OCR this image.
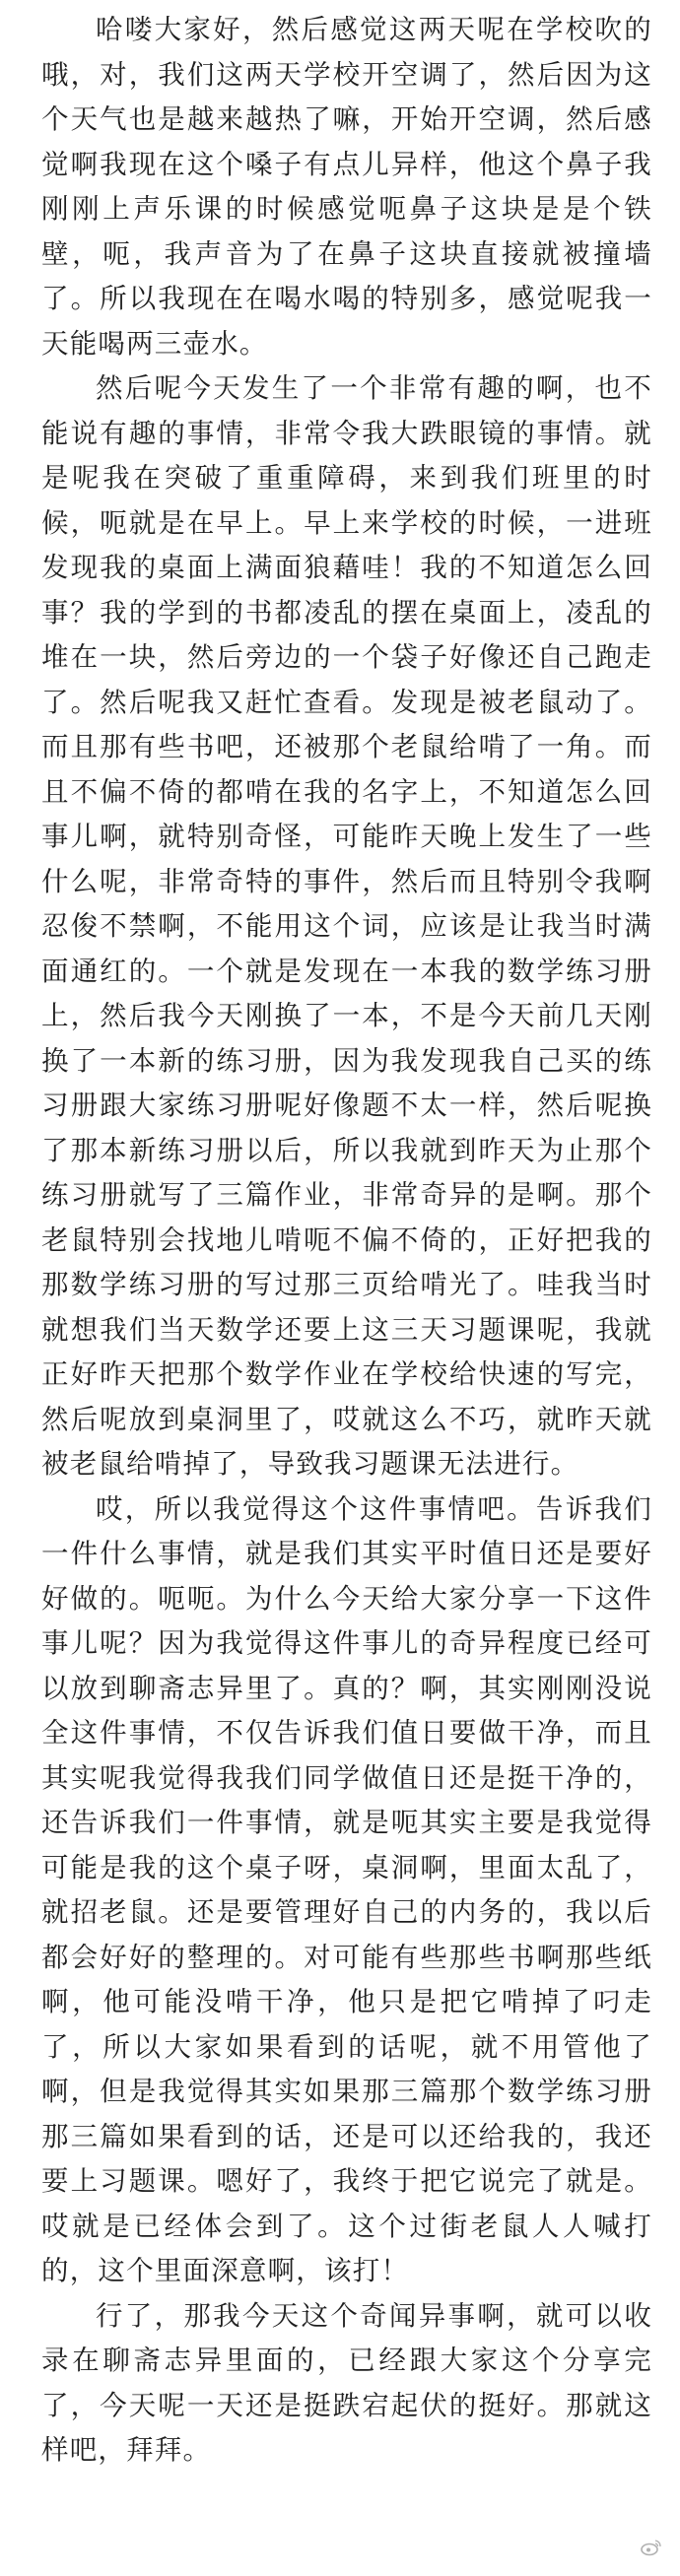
哈喽大家好，然后感觉这两天呢在学校吹的哦，对，我们这两天学校开空调了，然后因为这个天气也是越来越热了嘛，开始开空调，然后感觉啊我现在这个嗓子有点儿异样，他这个鼻子我刚刚上声乐课的时候感觉呃鼻子这块是是个铁壁，呃，我声音为了在鼻子这块直接就被撞墙了。所以我现在在喝水喝的特别多，感觉呢我一天能喝两三壶水。

然后呢今天发生了一个非常有趣的啊，也不能说有趣的事情，非常令我大跌眼镜的事情。就是呢我在突破了重重障碍，来到我们班里的时候，呃就是在早上。早上来学校的时候，一进班发现我的桌面上满面狼藉哇！我的不知道怎么回事？我的学到的书都凌乱的摆在桌面上，凌乱的堆在一块，然后旁边的一个袋子好像还自己跑走了。然后呢我又赶忙查看。发现是被老鼠动了。而且那有些书吧，还被那个老鼠给啃了一角。而且不偏不倚的都啃在我的名字上，不知道怎么回事儿啊，就特别奇怪，可能昨天晚上发生了一些什么呢，非常奇特的事件，然后而且特别令我啊忍俊不禁啊，不能用这个词，应该是让我当时满面通红的。一个就是发现在一本我的数学练习册上，然后我今天刚换了一本，不是今天前几天刚换了一本新的练习册，因为我发现我自己买的练习册跟大家练习册呢好像题不太一样，然后呢换了那本新练习册以后，所以我就到昨天为止那个练习册就写了三篇作业，非常奇异的是啊。那个老鼠特别会找地儿啃呃不偏不倚的，正好把我的那数学练习册的写过那三页给啃光了。哇我当时就想我们当天数学还要上这三天习题课呢，我就正好昨天把那个数学作业在学校给快速的写完，然后呢放到桌洞里了，哎就这么不巧，就昨天就被老鼠给啃掉了，导致我习题课无法进行。

哎，所以我觉得这个这件事情吧。告诉我们一件什么事情，就是我们其实平时值日还是要好好做的。呃呃。为什么今天给大家分享一下这件事儿呢？因为我觉得这件事儿的奇异程度已经可以放到聊斋志异里了。真的？啊，其实刚刚没说全这件事情，不仅告诉我们值日要做干净，而且其实呢我觉得我我们同学做值日还是挺干净的，还告诉我们一件事情，就是呃其实主要是我觉得可能是我的这个桌子呀，桌洞啊，里面太乱了，就招老鼠。还是要管理好自己的内务的，我以后都会好好的整理的。对可能有些那些书啊那些纸啊，他可能没啃干净，他只是把它啃掉了叼走了，所以大家如果看到的话呢，就不用管他了啊，但是我觉得其实如果那三篇那个数学练习册那三篇如果看到的话，还是可以还给我的，我还要上习题课。嗯好了，我终于把它说完了就是。哎就是已经体会到了。这个过街老鼠人人喊打的，这个里面深意啊，该打！

行了，那我今天这个奇闻异事啊，就可以收录在聊斋志异里面的，已经跟大家这个分享完了，今天呢一天还是挺跌宕起伏的挺好。那就这样吧，拜拜。
